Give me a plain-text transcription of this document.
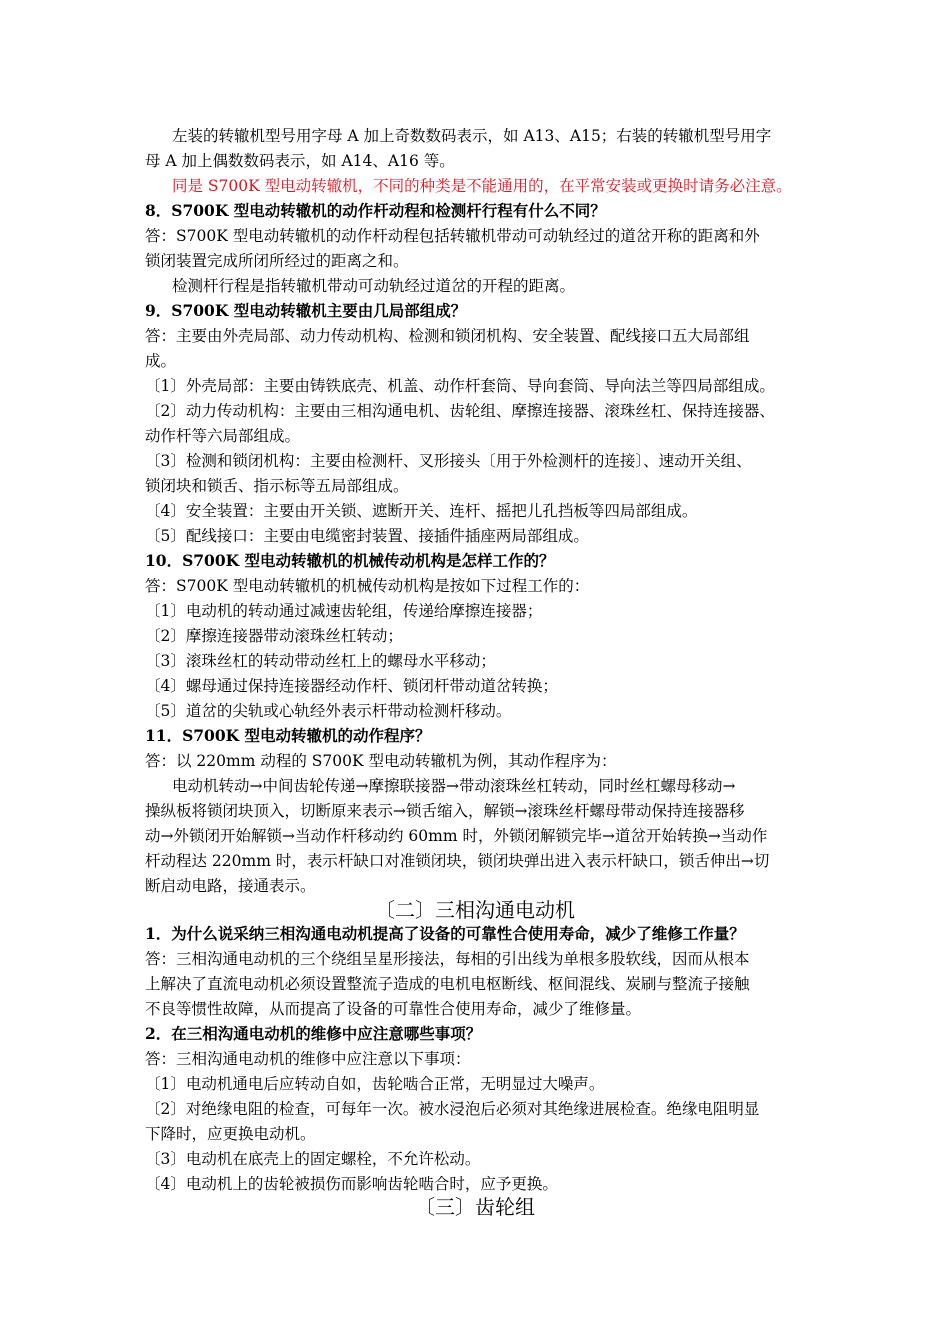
左装的转辙机型号用字母 A 加上奇数数码表示，如 A13、A15；右装的转辙机型号用字
母 A 加上偶数数码表示，如 A14、A16 等。
同是 S700K 型电动转辙机，不同的种类是不能通用的，在平常安装或更换时请务必注意。
8．S700K 型电动转辙机的动作杆动程和检测杆行程有什么不同？
答：S700K 型电动转辙机的动作杆动程包括转辙机带动可动轨经过的道岔开称的距离和外
锁闭装置完成所闭所经过的距离之和。
检测杆行程是指转辙机带动可动轨经过道岔的开程的距离。
9．S700K 型电动转辙机主要由几局部组成？
答：主要由外壳局部、动力传动机构、检测和锁闭机构、安全装置、配线接口五大局部组
成。
〔1〕外壳局部：主要由铸铁底壳、机盖、动作杆套筒、导向套筒、导向法兰等四局部组成。
〔2〕动力传动机构：主要由三相沟通电机、齿轮组、摩擦连接器、滚珠丝杠、保持连接器、
动作杆等六局部组成。
〔3〕检测和锁闭机构：主要由检测杆、叉形接头〔用于外检测杆的连接〕、速动开关组、
锁闭块和锁舌、指示标等五局部组成。
〔4〕安全装置：主要由开关锁、遮断开关、连杆、摇把儿孔挡板等四局部组成。
〔5〕配线接口：主要由电缆密封装置、接插件插座两局部组成。
10．S700K 型电动转辙机的机械传动机构是怎样工作的？
答：S700K 型电动转辙机的机械传动机构是按如下过程工作的：
〔1〕电动机的转动通过减速齿轮组，传递给摩擦连接器；
〔2〕摩擦连接器带动滚珠丝杠转动；
〔3〕滚珠丝杠的转动带动丝杠上的螺母水平移动；
〔4〕螺母通过保持连接器经动作杆、锁闭杆带动道岔转换；
〔5〕道岔的尖轨或心轨经外表示杆带动检测杆移动。
11．S700K 型电动转辙机的动作程序？
答：以 220mm 动程的 S700K 型电动转辙机为例，其动作程序为：
电动机转动→中间齿轮传递→摩擦联接器→带动滚珠丝杠转动，同时丝杠螺母移动→
操纵板将锁闭块顶入，切断原来表示→锁舌缩入，解锁→滚珠丝杆螺母带动保持连接器移
动→外锁闭开始解锁→当动作杆移动约 60mm 时，外锁闭解锁完毕→道岔开始转换→当动作
杆动程达 220mm 时，表示杆缺口对准锁闭块，锁闭块弹出进入表示杆缺口，锁舌伸出→切
断启动电路，接通表示。
〔二〕三相沟通电动机
1．为什么说采纳三相沟通电动机提高了设备的可靠性合使用寿命，减少了维修工作量？
答：三相沟通电动机的三个绕组呈星形接法，每相的引出线为单根多股软线，因而从根本
上解决了直流电动机必须设置整流子造成的电机电枢断线、枢间混线、炭刷与整流子接触
不良等惯性故障，从而提高了设备的可靠性合使用寿命，减少了维修量。
2．在三相沟通电动机的维修中应注意哪些事项？
答：三相沟通电动机的维修中应注意以下事项：
〔1〕电动机通电后应转动自如，齿轮啮合正常，无明显过大噪声。
〔2〕对绝缘电阻的检查，可每年一次。被水浸泡后必须对其绝缘进展检查。绝缘电阻明显
下降时，应更换电动机。
〔3〕电动机在底壳上的固定螺栓，不允许松动。
〔4〕电动机上的齿轮被损伤而影响齿轮啮合时，应予更换。
〔三〕齿轮组
